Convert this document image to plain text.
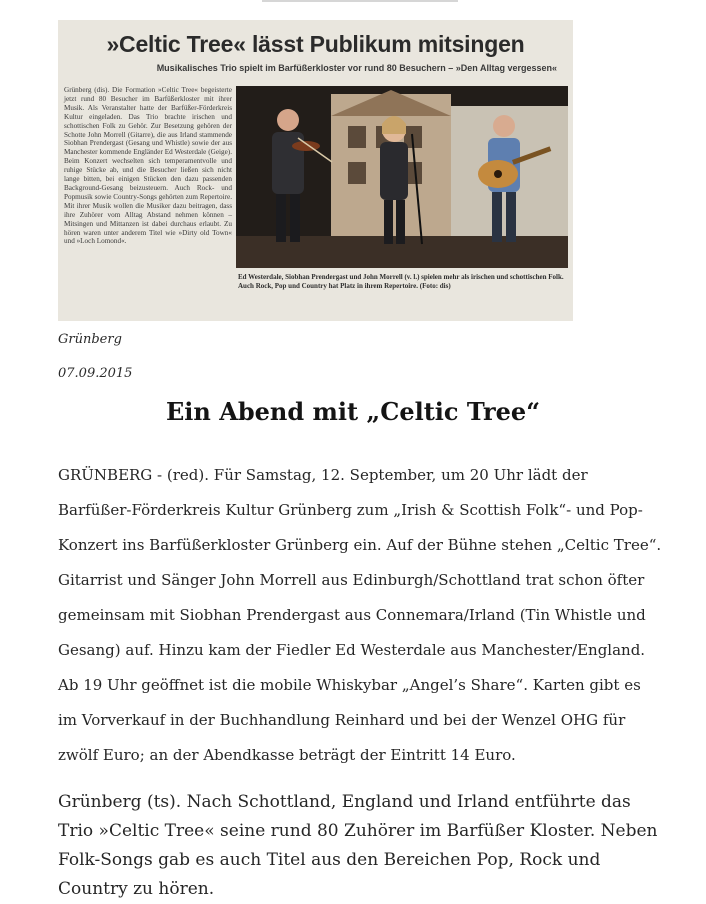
»Celtic Tree« lässt Publikum mitsingen
Musikalisches Trio spielt im Barfüßerkloster vor rund 80 Besuchern – »Den Alltag vergessen«
Grünberg (dis). Die Formation »Celtic Tree« begeisterte jetzt rund 80 Besucher im Barfüßerkloster mit ihrer Musik. Als Veranstalter hatte der Barfüßer-Förderkreis Kultur eingeladen. Das Trio brachte irischen und schottischen Folk zu Gehör. Zur Besetzung gehören der Schotte John Morrell (Gitarre), die aus Irland stammende Siobhan Prendergast (Gesang und Whistle) sowie der aus Manchester kommende Engländer Ed Westerdale (Geige). Beim Konzert wechselten sich temperamentvolle und ruhige Stücke ab, und die Besucher ließen sich nicht lange bitten, bei einigen Stücken den dazu passenden Background-Gesang beizusteuern. Auch Rock- und Popmusik sowie Country-Songs gehörten zum Repertoire. Mit ihrer Musik wollen die Musiker dazu beitragen, dass ihre Zuhörer vom Alltag Abstand nehmen können – Mitsingen und Mittanzen ist dabei durchaus erlaubt. Zu hören waren unter anderem Titel wie »Dirty old Town« und »Loch Lomond«.
Ed Westerdale, Siobhan Prendergast und John Morrell (v. l.) spielen mehr als irischen und schottischen Folk. Auch Rock, Pop und Country hat Platz in ihrem Repertoire. (Foto: dis)
Grünberg
07.09.2015
Ein Abend mit „Celtic Tree“

GRÜNBERG - (red). Für Samstag, 12. September, um 20 Uhr lädt der Barfüßer-Förderkreis Kultur Grünberg zum „Irish & Scottish Folk“- und Pop-Konzert ins Barfüßerkloster Grünberg ein. Auf der Bühne stehen „Celtic Tree“. Gitarrist und Sänger John Morrell aus Edinburgh/Schottland trat schon öfter gemeinsam mit Siobhan Prendergast aus Connemara/Irland (Tin Whistle und Gesang) auf. Hinzu kam der Fiedler Ed Westerdale aus Manchester/England. Ab 19 Uhr geöffnet ist die mobile Whiskybar „Angel’s Share“. Karten gibt es im Vorverkauf in der Buchhandlung Reinhard und bei der Wenzel OHG für zwölf Euro; an der Abendkasse beträgt der Eintritt 14 Euro.

Grünberg (ts). Nach Schottland, England und Irland entführte das Trio »Celtic Tree« seine rund 80 Zuhörer im Barfüßer Kloster. Neben Folk-Songs gab es auch Titel aus den Bereichen Pop, Rock und Country zu hören.
